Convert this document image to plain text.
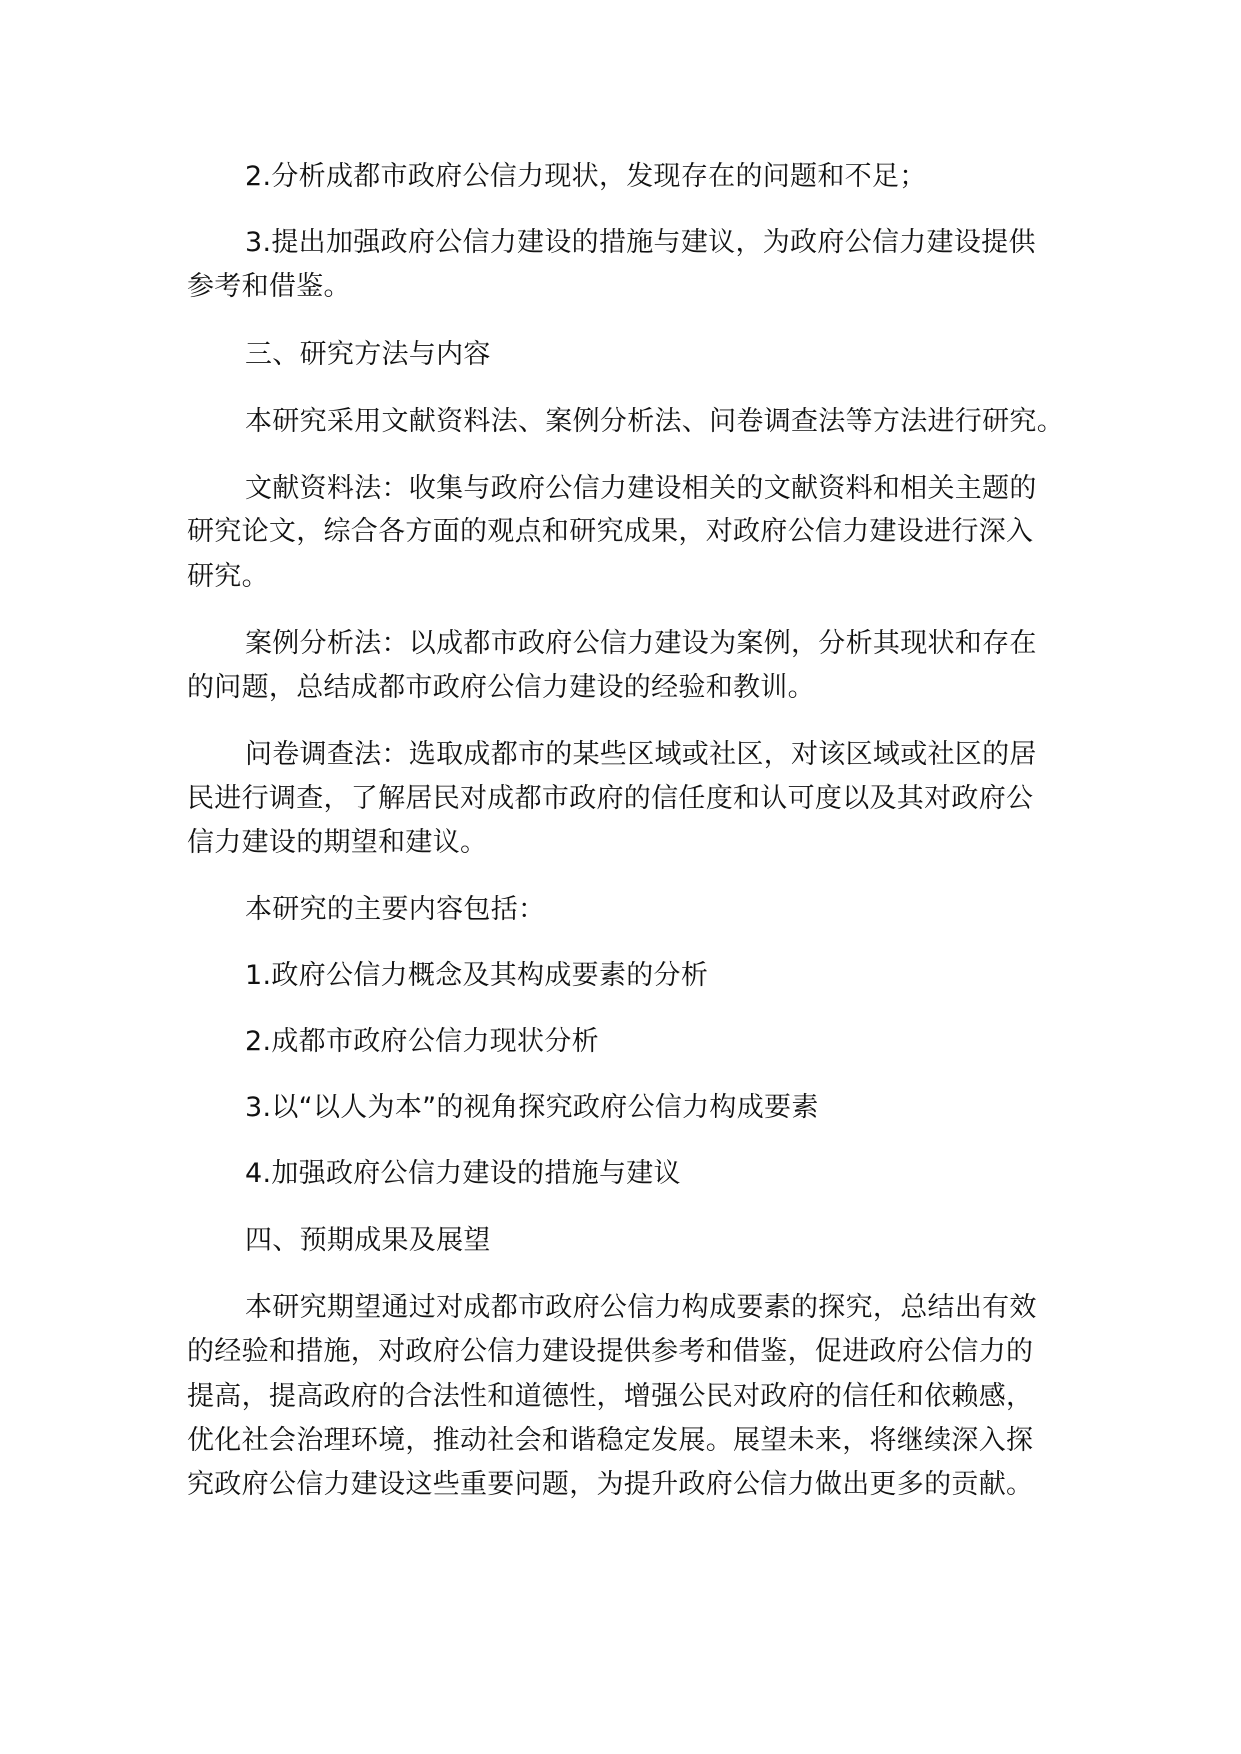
2.分析成都市政府公信力现状，发现存在的问题和不足；
3.提出加强政府公信力建设的措施与建议，为政府公信力建设提供
参考和借鉴。
三、研究方法与内容
本研究采用文献资料法、案例分析法、问卷调查法等方法进行研究。
文献资料法：收集与政府公信力建设相关的文献资料和相关主题的
研究论文，综合各方面的观点和研究成果，对政府公信力建设进行深入
研究。
案例分析法：以成都市政府公信力建设为案例，分析其现状和存在
的问题，总结成都市政府公信力建设的经验和教训。
问卷调查法：选取成都市的某些区域或社区，对该区域或社区的居
民进行调查，了解居民对成都市政府的信任度和认可度以及其对政府公
信力建设的期望和建议。
本研究的主要内容包括：
1.政府公信力概念及其构成要素的分析
2.成都市政府公信力现状分析
3.以“以人为本”的视角探究政府公信力构成要素
4.加强政府公信力建设的措施与建议
四、预期成果及展望
本研究期望通过对成都市政府公信力构成要素的探究，总结出有效
的经验和措施，对政府公信力建设提供参考和借鉴，促进政府公信力的
提高，提高政府的合法性和道德性，增强公民对政府的信任和依赖感，
优化社会治理环境，推动社会和谐稳定发展。展望未来，将继续深入探
究政府公信力建设这些重要问题，为提升政府公信力做出更多的贡献。
